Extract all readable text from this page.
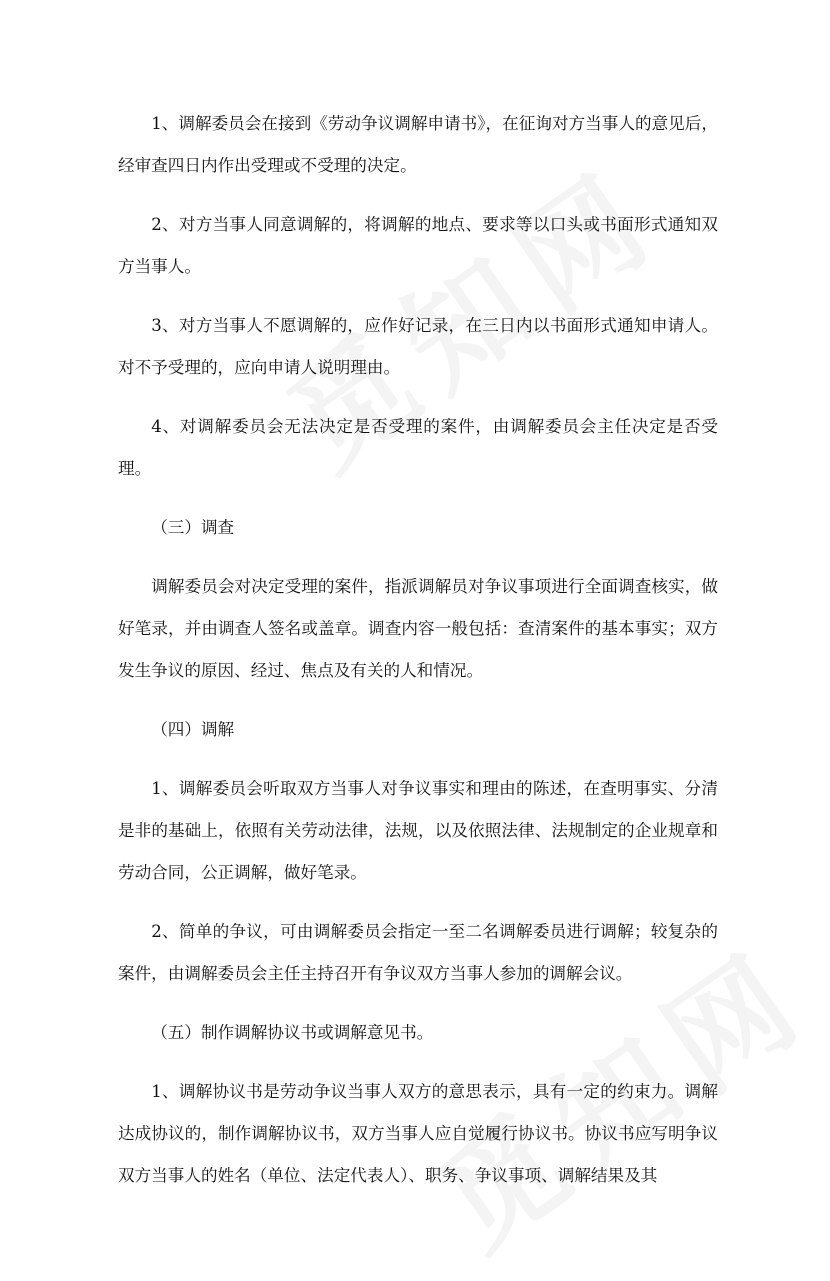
1、调解委员会在接到《劳动争议调解申请书》，在征询对方当事人的意见后，经审查四日内作出受理或不受理的决定。

2、对方当事人同意调解的，将调解的地点、要求等以口头或书面形式通知双方当事人。

3、对方当事人不愿调解的，应作好记录，在三日内以书面形式通知申请人。对不予受理的，应向申请人说明理由。

4、对调解委员会无法决定是否受理的案件，由调解委员会主任决定是否受理。

（三）调查

调解委员会对决定受理的案件，指派调解员对争议事项进行全面调查核实，做好笔录，并由调查人签名或盖章。调查内容一般包括：查清案件的基本事实；双方发生争议的原因、经过、焦点及有关的人和情况。

（四）调解

1、调解委员会听取双方当事人对争议事实和理由的陈述，在查明事实、分清是非的基础上，依照有关劳动法律，法规，以及依照法律、法规制定的企业规章和劳动合同，公正调解，做好笔录。

2、简单的争议，可由调解委员会指定一至二名调解委员进行调解；较复杂的案件，由调解委员会主任主持召开有争议双方当事人参加的调解会议。

（五）制作调解协议书或调解意见书。

1、调解协议书是劳动争议当事人双方的意思表示，具有一定的约束力。调解达成协议的，制作调解协议书，双方当事人应自觉履行协议书。协议书应写明争议双方当事人的姓名（单位、法定代表人）、职务、争议事项、调解结果及其
